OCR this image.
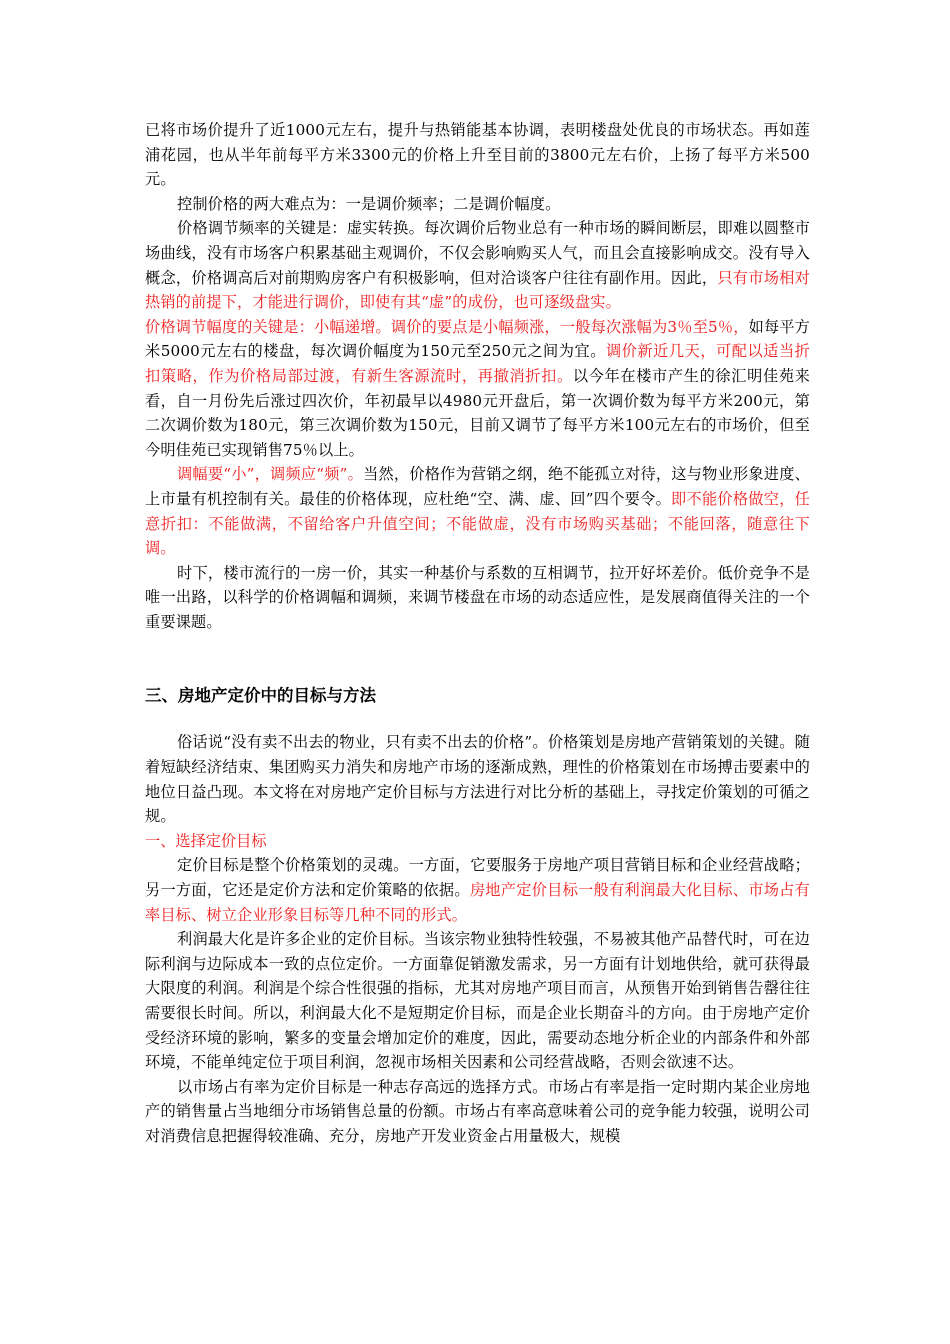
已将市场价提升了近1000元左右，提升与热销能基本协调，表明楼盘处优良的市场状态。再如莲浦花园，也从半年前每平方米3300元的价格上升至目前的3800元左右价，上扬了每平方米500元。

控制价格的两大难点为：一是调价频率；二是调价幅度。

价格调节频率的关键是：虚实转换。每次调价后物业总有一种市场的瞬间断层，即难以圆整市场曲线，没有市场客户积累基础主观调价，不仅会影响购买人气，而且会直接影响成交。没有导入概念，价格调高后对前期购房客户有积极影响，但对洽谈客户往往有副作用。因此，只有市场相对热销的前提下，才能进行调价，即使有其“虚”的成份，也可逐级盘实。

价格调节幅度的关键是：小幅递增。调价的要点是小幅频涨，一般每次涨幅为3％至5％，如每平方米5000元左右的楼盘，每次调价幅度为150元至250元之间为宜。调价新近几天，可配以适当折扣策略，作为价格局部过渡，有新生客源流时，再撤消折扣。以今年在楼市产生的徐汇明佳苑来看，自一月份先后涨过四次价，年初最早以4980元开盘后，第一次调价数为每平方米200元，第二次调价数为180元，第三次调价数为150元，目前又调节了每平方米100元左右的市场价，但至今明佳苑已实现销售75％以上。

调幅要“小”，调频应“频”。当然，价格作为营销之纲，绝不能孤立对待，这与物业形象进度、上市量有机控制有关。最佳的价格体现，应杜绝“空、满、虚、回”四个要令。即不能价格做空，任意折扣：不能做满，不留给客户升值空间；不能做虚，没有市场购买基础；不能回落，随意往下调。

时下，楼市流行的一房一价，其实一种基价与系数的互相调节，拉开好坏差价。低价竞争不是唯一出路，以科学的价格调幅和调频，来调节楼盘在市场的动态适应性，是发展商值得关注的一个重要课题。

三、房地产定价中的目标与方法

俗话说“没有卖不出去的物业，只有卖不出去的价格”。价格策划是房地产营销策划的关键。随着短缺经济结束、集团购买力消失和房地产市场的逐渐成熟，理性的价格策划在市场搏击要素中的地位日益凸现。本文将在对房地产定价目标与方法进行对比分析的基础上，寻找定价策划的可循之规。

一、选择定价目标

定价目标是整个价格策划的灵魂。一方面，它要服务于房地产项目营销目标和企业经营战略；另一方面，它还是定价方法和定价策略的依据。房地产定价目标一般有利润最大化目标、市场占有率目标、树立企业形象目标等几种不同的形式。

利润最大化是许多企业的定价目标。当该宗物业独特性较强，不易被其他产品替代时，可在边际利润与边际成本一致的点位定价。一方面靠促销激发需求，另一方面有计划地供给，就可获得最大限度的利润。利润是个综合性很强的指标，尤其对房地产项目而言，从预售开始到销售告罄往往需要很长时间。所以，利润最大化不是短期定价目标，而是企业长期奋斗的方向。由于房地产定价受经济环境的影响，繁多的变量会增加定价的难度，因此，需要动态地分析企业的内部条件和外部环境，不能单纯定位于项目利润，忽视市场相关因素和公司经营战略，否则会欲速不达。

以市场占有率为定价目标是一种志存高远的选择方式。市场占有率是指一定时期内某企业房地产的销售量占当地细分市场销售总量的份额。市场占有率高意味着公司的竞争能力较强，说明公司对消费信息把握得较准确、充分，房地产开发业资金占用量极大，规模
